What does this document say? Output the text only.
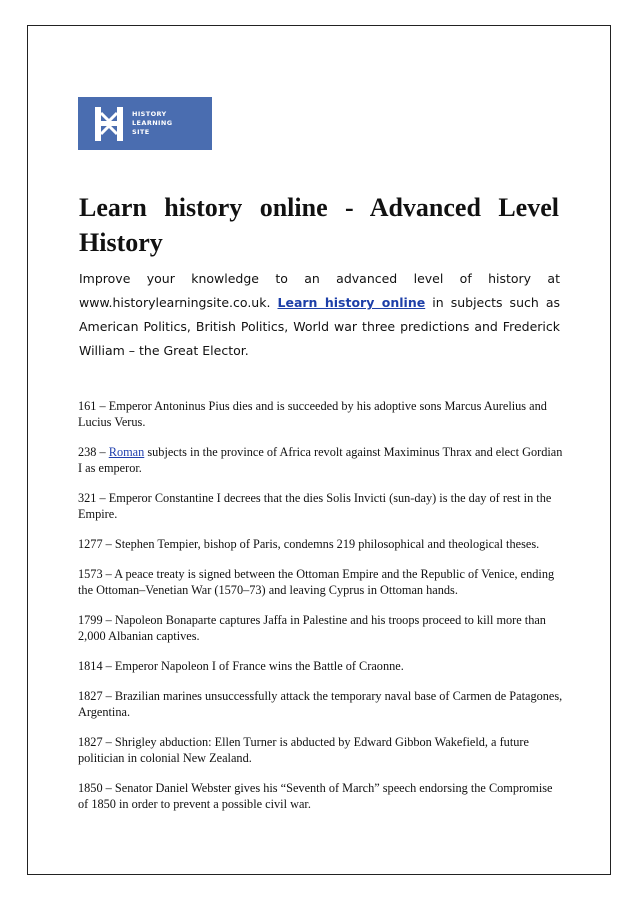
HISTORY
LEARNING
SITE
Learn history online - Advanced Level History

Improve your knowledge to an advanced level of history at www.historylearningsite.co.uk. Learn history online in subjects such as American Politics, British Politics, World war three predictions and Frederick William – the Great Elector.

161 – Emperor Antoninus Pius dies and is succeeded by his adoptive sons Marcus Aurelius and Lucius Verus.

238 – Roman subjects in the province of Africa revolt against Maximinus Thrax and elect Gordian I as emperor.

321 – Emperor Constantine I decrees that the dies Solis Invicti (sun-day) is the day of rest in the Empire.

1277 – Stephen Tempier, bishop of Paris, condemns 219 philosophical and theological theses.

1573 – A peace treaty is signed between the Ottoman Empire and the Republic of Venice, ending the Ottoman–Venetian War (1570–73) and leaving Cyprus in Ottoman hands.

1799 – Napoleon Bonaparte captures Jaffa in Palestine and his troops proceed to kill more than 2,000 Albanian captives.

1814 – Emperor Napoleon I of France wins the Battle of Craonne.

1827 – Brazilian marines unsuccessfully attack the temporary naval base of Carmen de Patagones, Argentina.

1827 – Shrigley abduction: Ellen Turner is abducted by Edward Gibbon Wakefield, a future politician in colonial New Zealand.

1850 – Senator Daniel Webster gives his “Seventh of March” speech endorsing the Compromise of 1850 in order to prevent a possible civil war.
